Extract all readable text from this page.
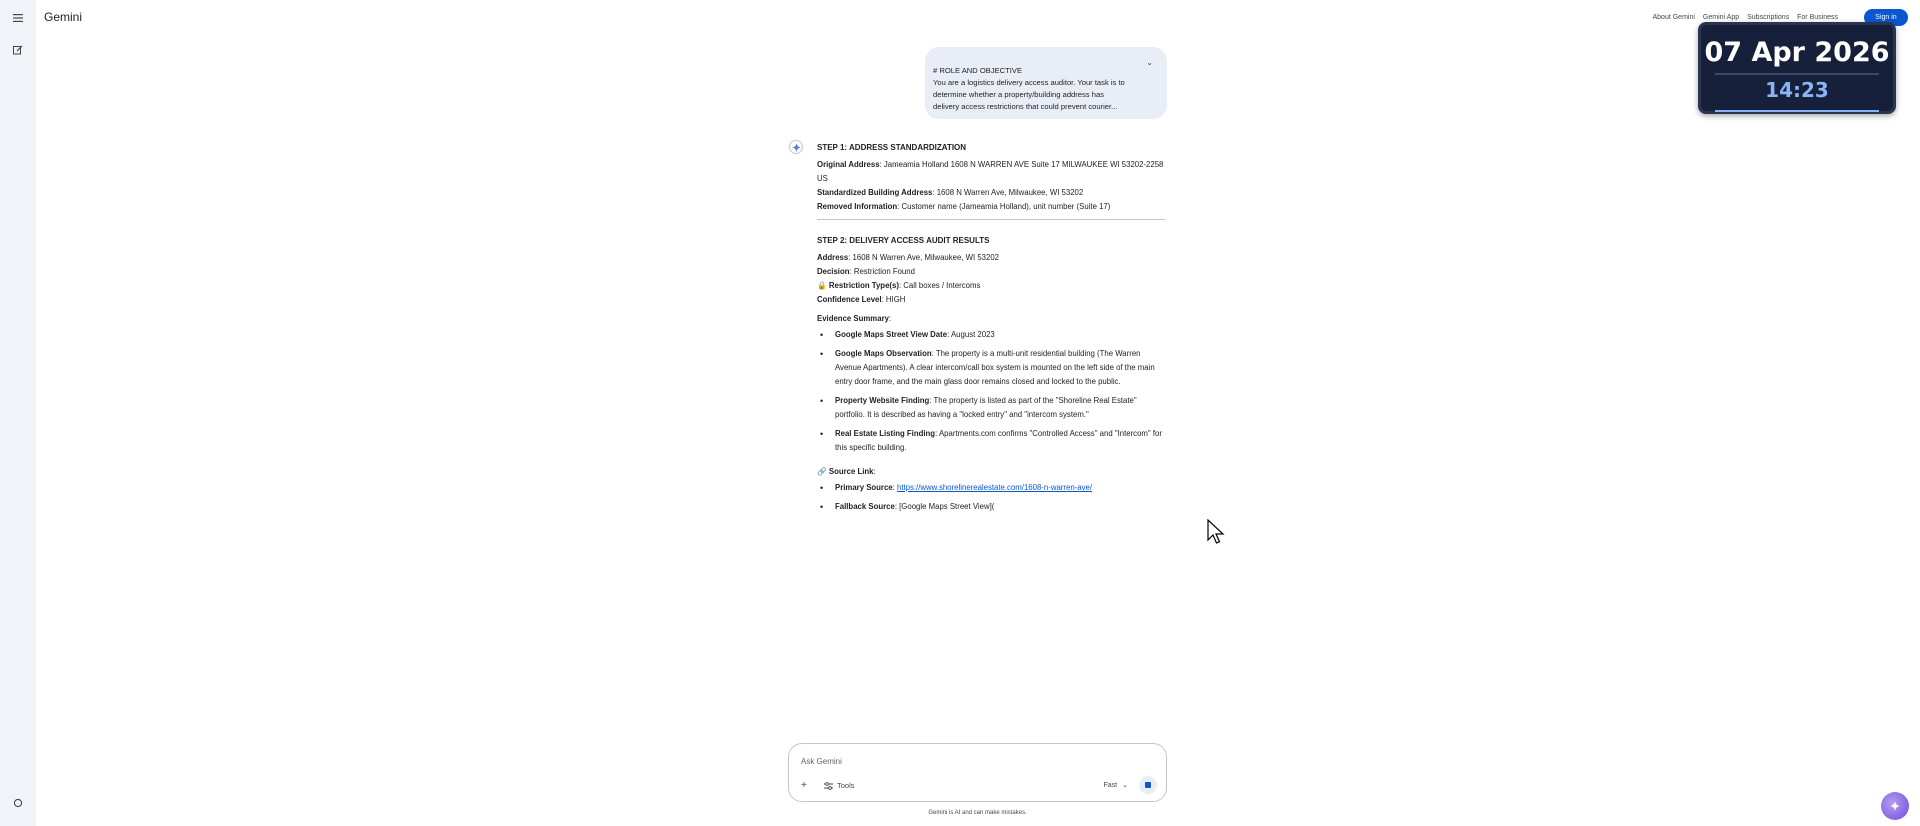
Gemini	About Gemini Gemini App Subscriptions For Business	Sign in
07 Apr 2026
14:23
⌄
# ROLE AND OBJECTIVE
You are a logistics delivery access auditor. Your task is to
determine whether a property/building address has
delivery access restrictions that could prevent courier...
STEP 1: ADDRESS STANDARDIZATION
Original Address: Jameamia Holland 1608 N WARREN AVE Suite 17 MILWAUKEE WI 53202-2258 US
Standardized Building Address: 1608 N Warren Ave, Milwaukee, WI 53202
Removed Information: Customer name (Jameamia Holland), unit number (Suite 17)
STEP 2: DELIVERY ACCESS AUDIT RESULTS
Address: 1608 N Warren Ave, Milwaukee, WI 53202
Decision: Restriction Found
🔒 Restriction Type(s): Call boxes / Intercoms
Confidence Level: HIGH
Evidence Summary:
• Google Maps Street View Date: August 2023
• Google Maps Observation: The property is a multi-unit residential building (The Warren Avenue Apartments). A clear intercom/call box system is mounted on the left side of the main entry door frame, and the main glass door remains closed and locked to the public.
• Property Website Finding: The property is listed as part of the "Shoreline Real Estate" portfolio. It is described as having a "locked entry" and "intercom system."
• Real Estate Listing Finding: Apartments.com confirms "Controlled Access" and "Intercom" for this specific building.
🔗 Source Link:
• Primary Source: https://www.shorelinerealestate.com/1608-n-warren-ave/
• Fallback Source: [Google Maps Street View](
Ask Gemini
+	Tools	Fast ⌄
Gemini is AI and can make mistakes.
